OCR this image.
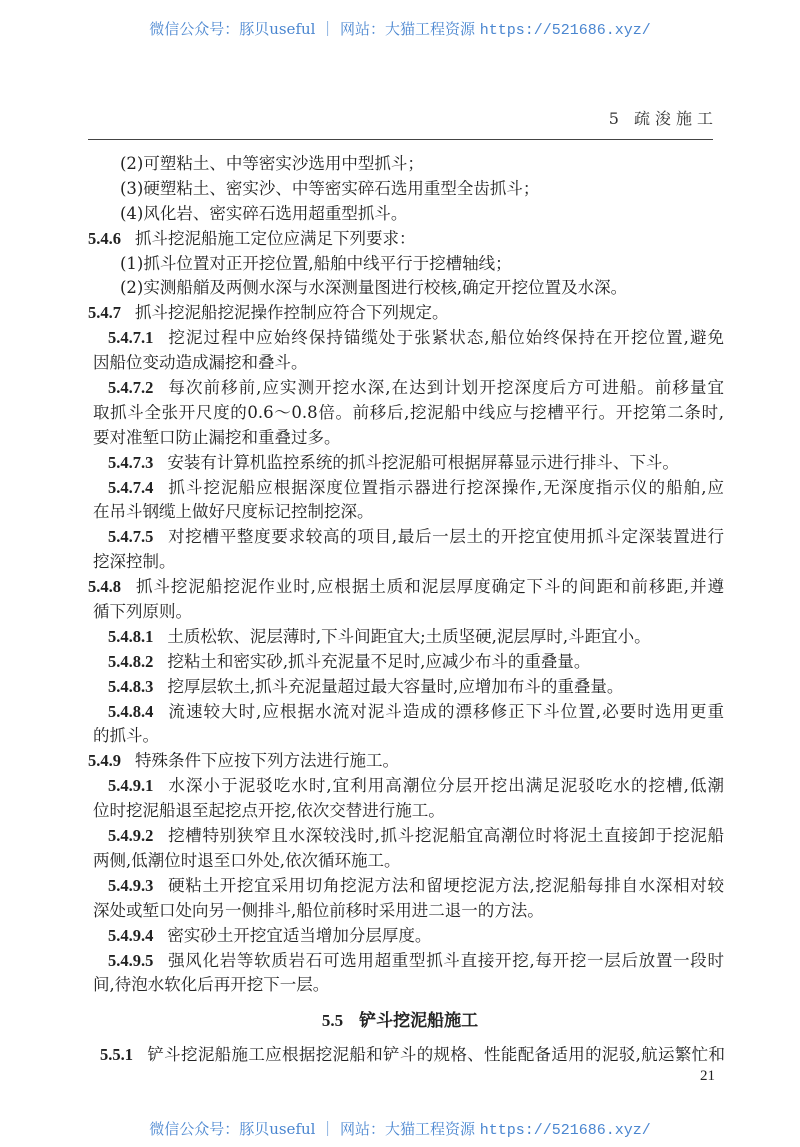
微信公众号：豚贝useful ｜ 网站：大猫工程资源 https://521686.xyz/
5 疏浚施工
(2)可塑粘土、中等密实沙选用中型抓斗；
(3)硬塑粘土、密实沙、中等密实碎石选用重型全齿抓斗；
(4)风化岩、密实碎石选用超重型抓斗。
5.4.6 抓斗挖泥船施工定位应满足下列要求：
(1)抓斗位置对正开挖位置,船舶中线平行于挖槽轴线；
(2)实测船艏及两侧水深与水深测量图进行校核,确定开挖位置及水深。
5.4.7 抓斗挖泥船挖泥操作控制应符合下列规定。
5.4.7.1 挖泥过程中应始终保持锚缆处于张紧状态,船位始终保持在开挖位置,避免
因船位变动造成漏挖和叠斗。
5.4.7.2 每次前移前,应实测开挖水深,在达到计划开挖深度后方可进船。前移量宜
取抓斗全张开尺度的0.6～0.8倍。前移后,挖泥船中线应与挖槽平行。开挖第二条时,
要对准堑口防止漏挖和重叠过多。
5.4.7.3 安装有计算机监控系统的抓斗挖泥船可根据屏幕显示进行排斗、下斗。
5.4.7.4 抓斗挖泥船应根据深度位置指示器进行挖深操作,无深度指示仪的船舶,应
在吊斗钢缆上做好尺度标记控制挖深。
5.4.7.5 对挖槽平整度要求较高的项目,最后一层土的开挖宜使用抓斗定深装置进行
挖深控制。
5.4.8 抓斗挖泥船挖泥作业时,应根据土质和泥层厚度确定下斗的间距和前移距,并遵
循下列原则。
5.4.8.1 土质松软、泥层薄时,下斗间距宜大;土质坚硬,泥层厚时,斗距宜小。
5.4.8.2 挖粘土和密实砂,抓斗充泥量不足时,应减少布斗的重叠量。
5.4.8.3 挖厚层软土,抓斗充泥量超过最大容量时,应增加布斗的重叠量。
5.4.8.4 流速较大时,应根据水流对泥斗造成的漂移修正下斗位置,必要时选用更重
的抓斗。
5.4.9 特殊条件下应按下列方法进行施工。
5.4.9.1 水深小于泥驳吃水时,宜利用高潮位分层开挖出满足泥驳吃水的挖槽,低潮
位时挖泥船退至起挖点开挖,依次交替进行施工。
5.4.9.2 挖槽特别狭窄且水深较浅时,抓斗挖泥船宜高潮位时将泥土直接卸于挖泥船
两侧,低潮位时退至口外处,依次循环施工。
5.4.9.3 硬粘土开挖宜采用切角挖泥方法和留埂挖泥方法,挖泥船每排自水深相对较
深处或堑口处向另一侧排斗,船位前移时采用进二退一的方法。
5.4.9.4 密实砂土开挖宜适当增加分层厚度。
5.4.9.5 强风化岩等软质岩石可选用超重型抓斗直接开挖,每开挖一层后放置一段时
间,待泡水软化后再开挖下一层。
5.5 铲斗挖泥船施工
5.5.1 铲斗挖泥船施工应根据挖泥船和铲斗的规格、性能配备适用的泥驳,航运繁忙和
21
微信公众号：豚贝useful ｜ 网站：大猫工程资源 https://521686.xyz/
